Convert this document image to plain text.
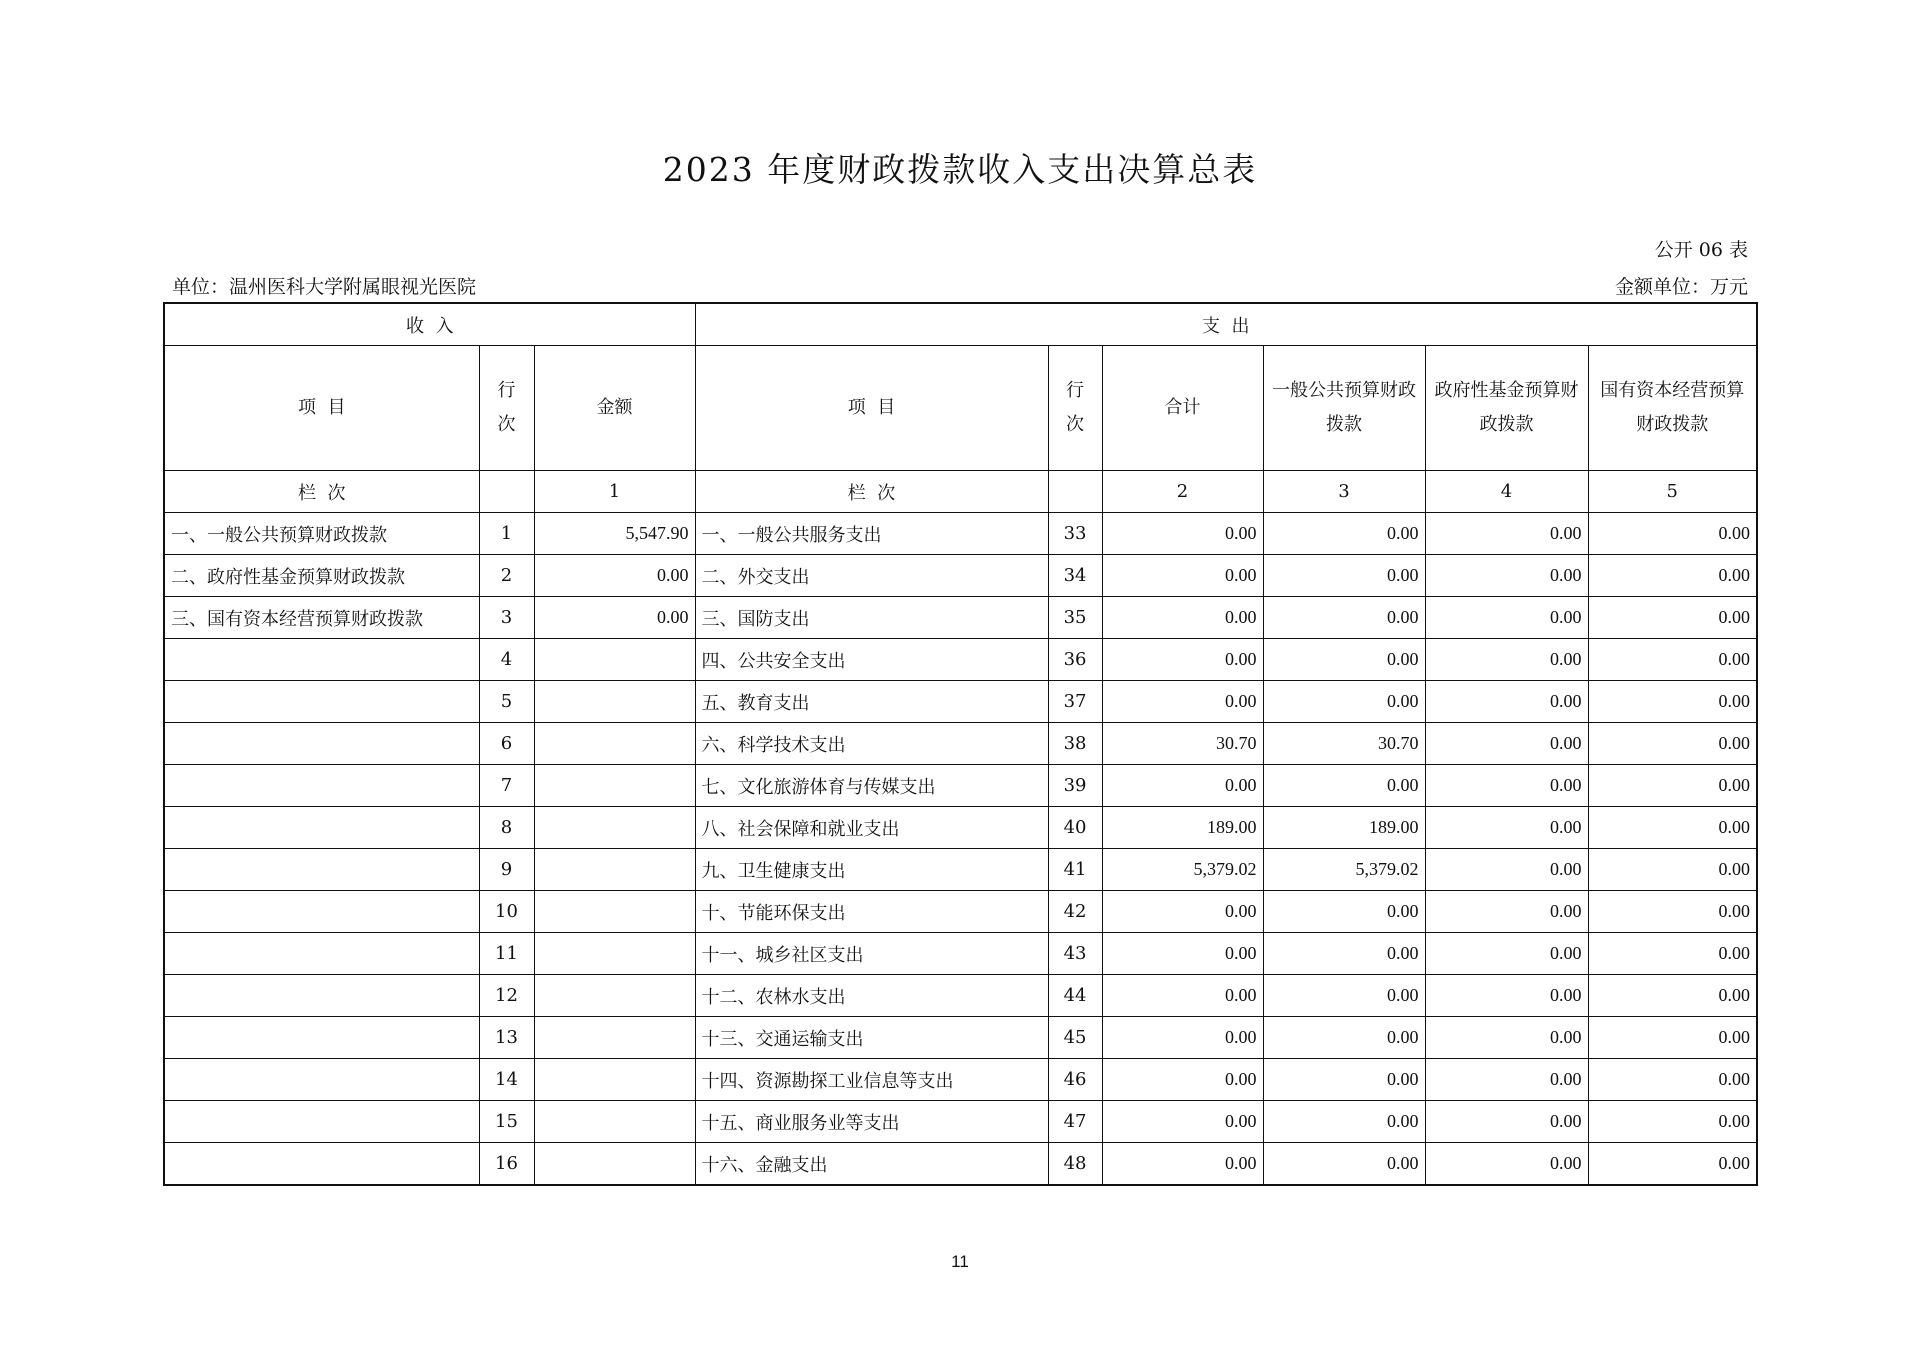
2023 年度财政拨款收入支出决算总表
公开 06 表
单位：温州医科大学附属眼视光医院	金额单位：万元
收  入			支  出					
项  目	行次	金额	项  目	行次	合计	一般公共预算财政拨款	政府性基金预算财政拨款	国有资本经营预算财政拨款
栏  次		1	栏  次		2	3	4	5
一、一般公共预算财政拨款	1	5,547.90	一、一般公共服务支出	33	0.00	0.00	0.00	0.00
二、政府性基金预算财政拨款	2	0.00	二、外交支出	34	0.00	0.00	0.00	0.00
三、国有资本经营预算财政拨款	3	0.00	三、国防支出	35	0.00	0.00	0.00	0.00
	4		四、公共安全支出	36	0.00	0.00	0.00	0.00
	5		五、教育支出	37	0.00	0.00	0.00	0.00
	6		六、科学技术支出	38	30.70	30.70	0.00	0.00
	7		七、文化旅游体育与传媒支出	39	0.00	0.00	0.00	0.00
	8		八、社会保障和就业支出	40	189.00	189.00	0.00	0.00
	9		九、卫生健康支出	41	5,379.02	5,379.02	0.00	0.00
	10		十、节能环保支出	42	0.00	0.00	0.00	0.00
	11		十一、城乡社区支出	43	0.00	0.00	0.00	0.00
	12		十二、农林水支出	44	0.00	0.00	0.00	0.00
	13		十三、交通运输支出	45	0.00	0.00	0.00	0.00
	14		十四、资源勘探工业信息等支出	46	0.00	0.00	0.00	0.00
	15		十五、商业服务业等支出	47	0.00	0.00	0.00	0.00
	16		十六、金融支出	48	0.00	0.00	0.00	0.00
11
